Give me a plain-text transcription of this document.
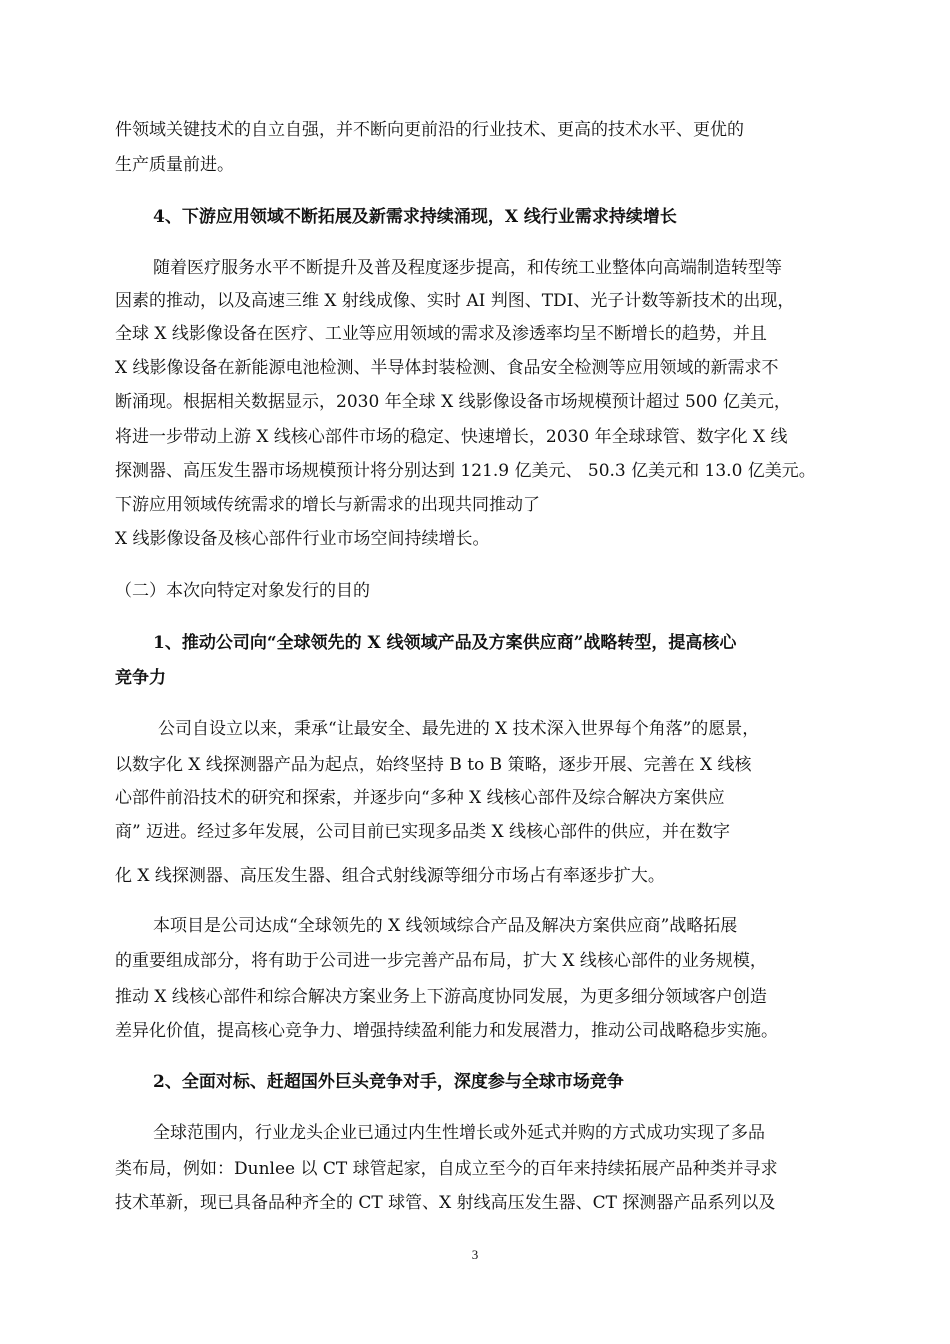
件领域关键技术的自立自强，并不断向更前沿的行业技术、更高的技术水平、更优的
生产质量前进。
4、下游应用领域不断拓展及新需求持续涌现，X 线行业需求持续增长
随着医疗服务水平不断提升及普及程度逐步提高，和传统工业整体向高端制造转型等
因素的推动，以及高速三维 X 射线成像、实时 AI 判图、TDI、光子计数等新技术的出现，
全球 X 线影像设备在医疗、工业等应用领域的需求及渗透率均呈不断增长的趋势，并且
X 线影像设备在新能源电池检测、半导体封装检测、食品安全检测等应用领域的新需求不
断涌现。根据相关数据显示，2030 年全球 X 线影像设备市场规模预计超过 500 亿美元，
将进一步带动上游 X 线核心部件市场的稳定、快速增长，2030 年全球球管、数字化 X 线
探测器、高压发生器市场规模预计将分别达到 121.9 亿美元、 50.3 亿美元和 13.0 亿美元。
下游应用领域传统需求的增长与新需求的出现共同推动了
X 线影像设备及核心部件行业市场空间持续增长。
（二）本次向特定对象发行的目的
1、推动公司向“全球领先的 X 线领域产品及方案供应商”战略转型，提高核心
竞争力
公司自设立以来，秉承“让最安全、最先进的 X 技术深入世界每个角落”的愿景，
以数字化 X 线探测器产品为起点，始终坚持 B to B 策略，逐步开展、完善在 X 线核
心部件前沿技术的研究和探索，并逐步向“多种 X 线核心部件及综合解决方案供应
商” 迈进。经过多年发展，公司目前已实现多品类 X 线核心部件的供应，并在数字
化 X 线探测器、高压发生器、组合式射线源等细分市场占有率逐步扩大。
本项目是公司达成“全球领先的 X 线领域综合产品及解决方案供应商”战略拓展
的重要组成部分，将有助于公司进一步完善产品布局，扩大 X 线核心部件的业务规模，
推动 X 线核心部件和综合解决方案业务上下游高度协同发展，为更多细分领域客户创造
差异化价值，提高核心竞争力、增强持续盈利能力和发展潜力，推动公司战略稳步实施。
2、全面对标、赶超国外巨头竞争对手，深度参与全球市场竞争
全球范围内，行业龙头企业已通过内生性增长或外延式并购的方式成功实现了多品
类布局，例如：Dunlee 以 CT 球管起家，自成立至今的百年来持续拓展产品种类并寻求
技术革新，现已具备品种齐全的 CT 球管、X 射线高压发生器、CT 探测器产品系列以及
3
